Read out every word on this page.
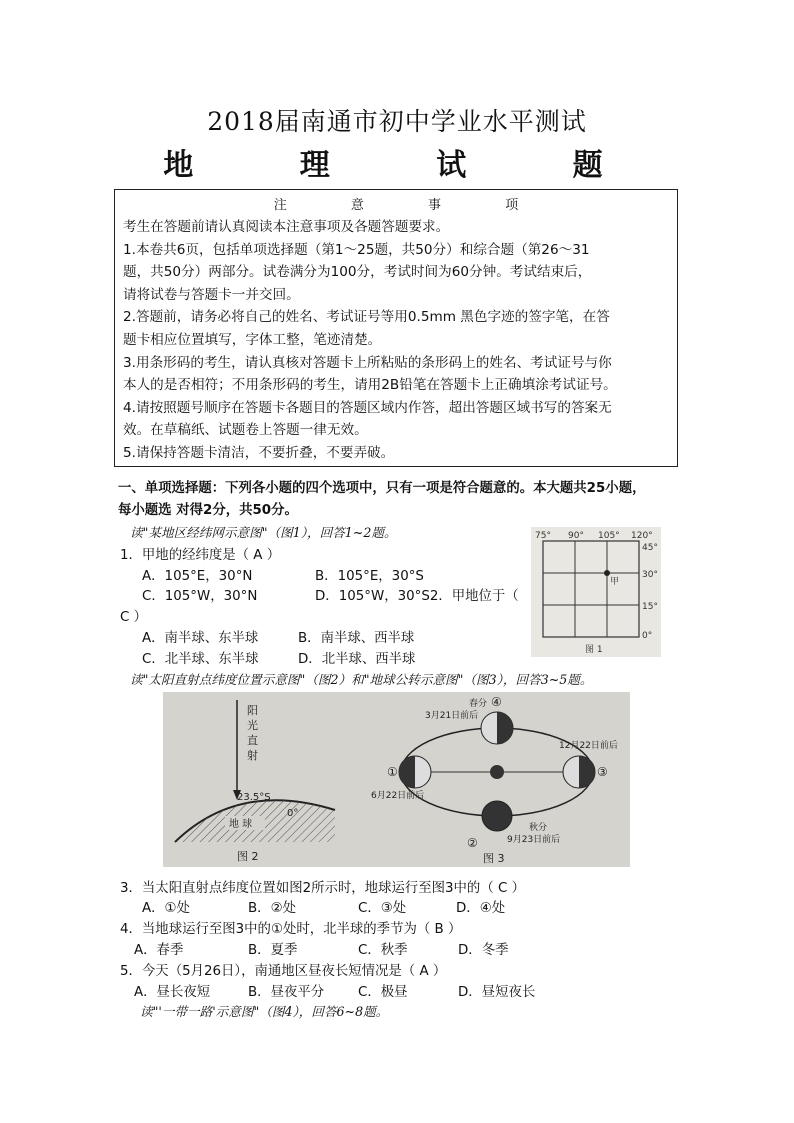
2018届南通市初中学业水平测试
地 理 试 题
注 意 事 项

考生在答题前请认真阅读本注意事项及各题答题要求。

1.本卷共6页，包括单项选择题（第1～25题，共50分）和综合题（第26～31

题，共50分）两部分。试卷满分为100分，考试时间为60分钟。考试结束后，

请将试卷与答题卡一并交回。

2.答题前，请务必将自己的姓名、考试证号等用0.5mm 黑色字迹的签字笔，在答

题卡相应位置填写，字体工整，笔迹清楚。

3.用条形码的考生，请认真核对答题卡上所粘贴的条形码上的姓名、考试证号与你

本人的是否相符；不用条形码的考生，请用2B铅笔在答题卡上正确填涂考试证号。

4.请按照题号顺序在答题卡各题目的答题区域内作答，超出答题区域书写的答案无

效。在草稿纸、试题卷上答题一律无效。

5.请保持答题卡清洁，不要折叠，不要弄破。

一、单项选择题：下列各小题的四个选项中，只有一项是符合题意的。本大题共25小题，
每小题选 对得2分，共50分。
读"某地区经纬网示意图"（图1），回答1~2题。
1．甲地的经纬度是（ A ）
A．105°E，30°N	B．105°E，30°S
C．105°W，30°N	D．105°W，30°S2．甲地位于（
C ）
A．南半球、东半球	B．南半球、西半球
C．北半球、东半球	D．北半球、西半球
75° 90° 105° 120°
45°
30°
15°
0°
甲
图 1
读"太阳直射点纬度位置示意图"（图2）和"地球公转示意图"（图3），回答3~5题。
阳
光
直
射
23.5°S
0°
地 球
图 2
④
①	③
②
春分
3月21日前后
12月22日前后
6月22日前后
秋分
9月23日前后
图 3
3．当太阳直射点纬度位置如图2所示时，地球运行至图3中的（ C ）
A．①处	B．②处	C．③处	D．④处
4．当地球运行至图3中的①处时，北半球的季节为（ B ）
A．春季	B．夏季	C．秋季	D．冬季
5．今天（5月26日），南通地区昼夜长短情况是（ A ）
A．昼长夜短	B．昼夜平分	C．极昼	D．昼短夜长
读"'一带一路'示意图"（图4），回答6~8题。
